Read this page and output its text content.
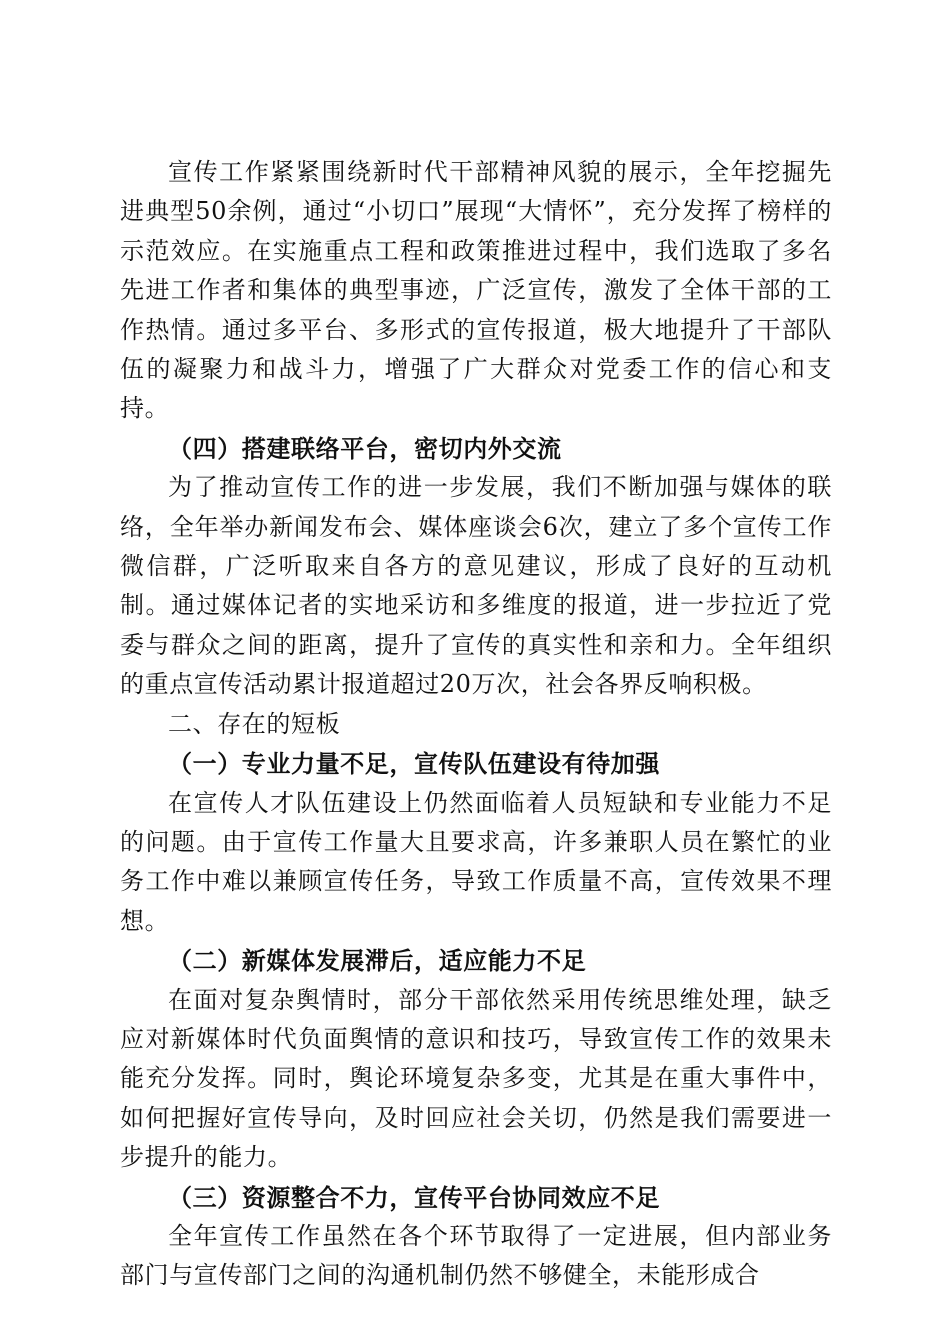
宣传工作紧紧围绕新时代干部精神风貌的展示，全年挖掘先进典型50余例，通过“小切口”展现“大情怀”，充分发挥了榜样的示范效应。在实施重点工程和政策推进过程中，我们选取了多名先进工作者和集体的典型事迹，广泛宣传，激发了全体干部的工作热情。通过多平台、多形式的宣传报道，极大地提升了干部队伍的凝聚力和战斗力，增强了广大群众对党委工作的信心和支持。

（四）搭建联络平台，密切内外交流

为了推动宣传工作的进一步发展，我们不断加强与媒体的联络，全年举办新闻发布会、媒体座谈会6次，建立了多个宣传工作微信群，广泛听取来自各方的意见建议，形成了良好的互动机制。通过媒体记者的实地采访和多维度的报道，进一步拉近了党委与群众之间的距离，提升了宣传的真实性和亲和力。全年组织的重点宣传活动累计报道超过20万次，社会各界反响积极。

二、存在的短板

（一）专业力量不足，宣传队伍建设有待加强

在宣传人才队伍建设上仍然面临着人员短缺和专业能力不足的问题。由于宣传工作量大且要求高，许多兼职人员在繁忙的业务工作中难以兼顾宣传任务，导致工作质量不高，宣传效果不理想。

（二）新媒体发展滞后，适应能力不足

在面对复杂舆情时，部分干部依然采用传统思维处理，缺乏应对新媒体时代负面舆情的意识和技巧，导致宣传工作的效果未能充分发挥。同时，舆论环境复杂多变，尤其是在重大事件中，如何把握好宣传导向，及时回应社会关切，仍然是我们需要进一步提升的能力。

（三）资源整合不力，宣传平台协同效应不足

全年宣传工作虽然在各个环节取得了一定进展，但内部业务部门与宣传部门之间的沟通机制仍然不够健全，未能形成合
